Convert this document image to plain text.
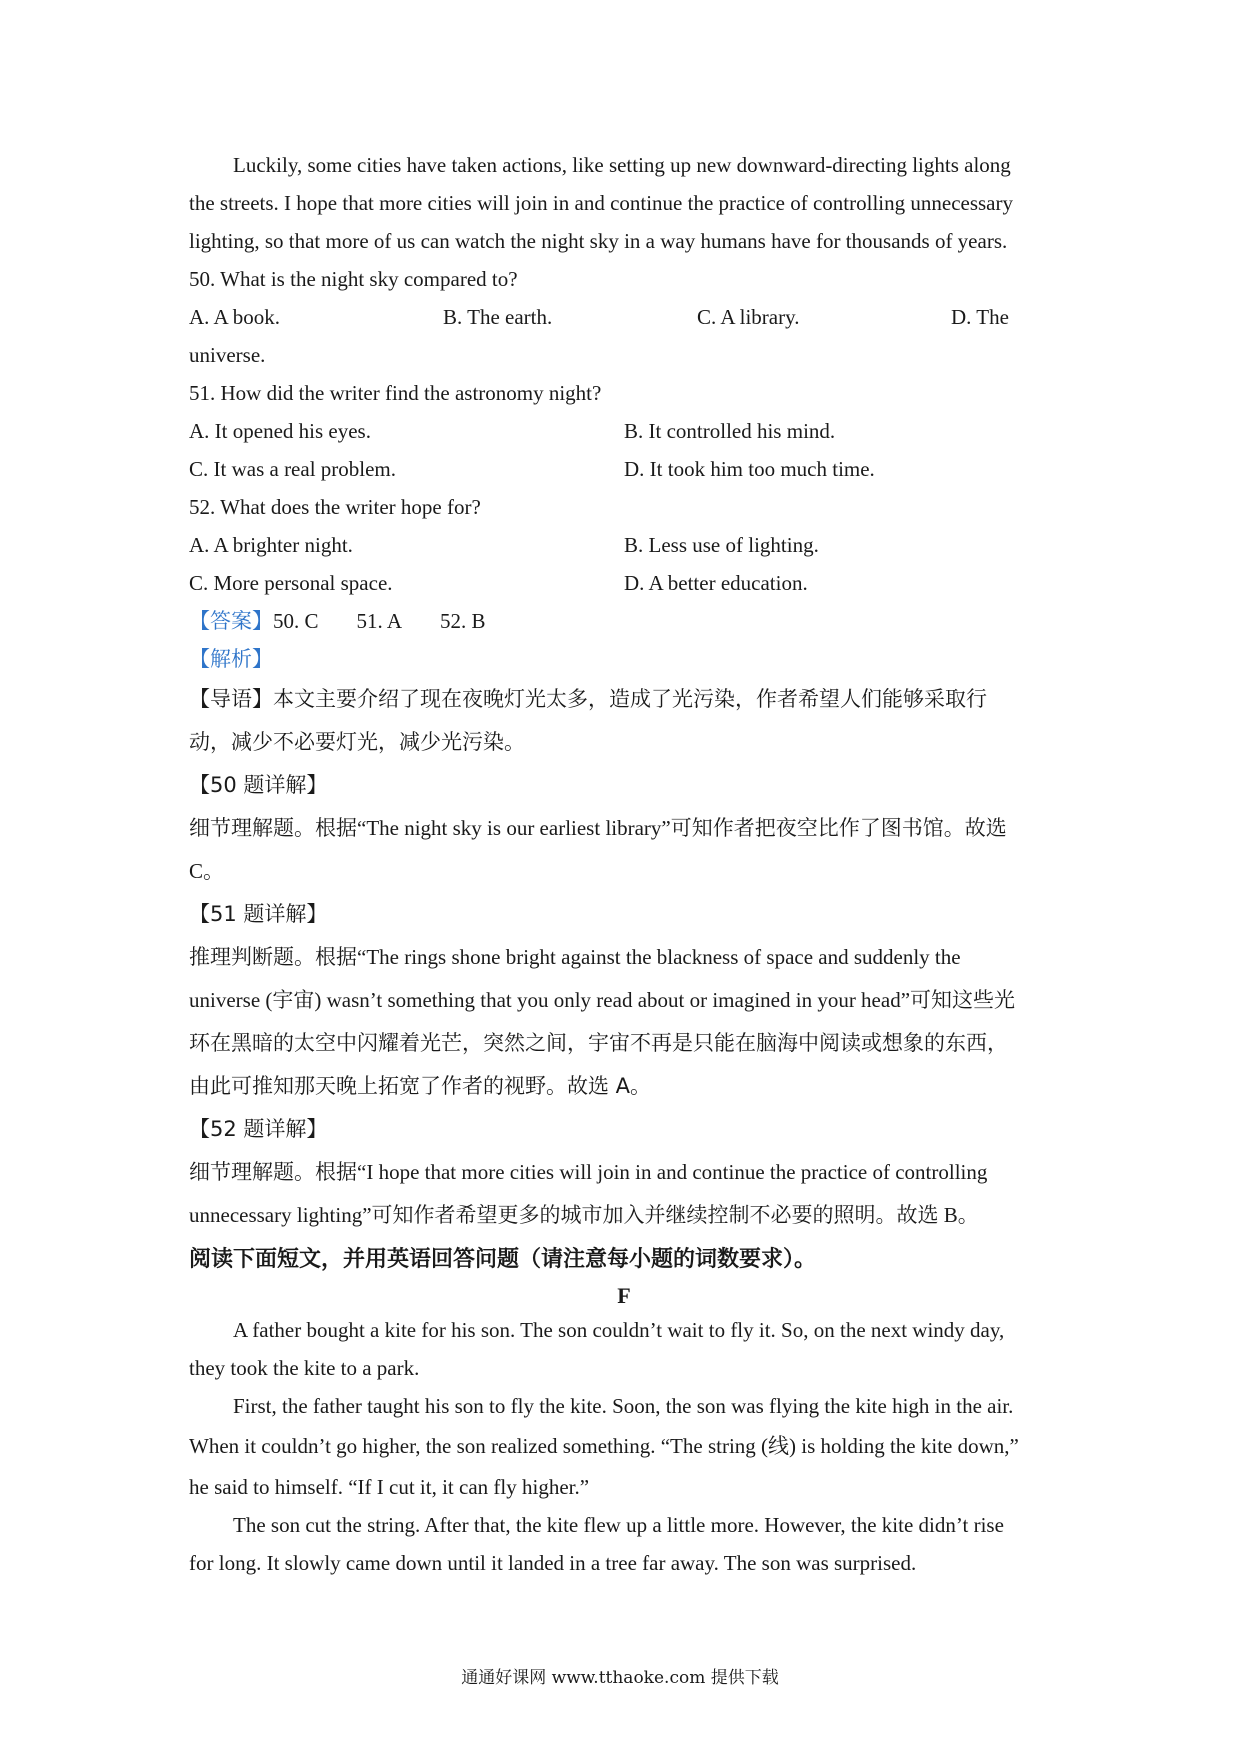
Luckily, some cities have taken actions, like setting up new downward-directing lights along

the streets. I hope that more cities will join in and continue the practice of controlling unnecessary

lighting, so that more of us can watch the night sky in a way humans have for thousands of years.

50. What is the night sky compared to?

A. A book.	B. The earth.	C. A library.	D. The

universe.

51. How did the writer find the astronomy night?

A. It opened his eyes.	B. It controlled his mind.
C. It was a real problem.	D. It took him too much time.

52. What does the writer hope for?

A. A brighter night.	B. Less use of lighting.
C. More personal space.	D. A better education.

【答案】50. C 51. A 52. B

【解析】

【导语】本文主要介绍了现在夜晚灯光太多，造成了光污染，作者希望人们能够采取行

动，减少不必要灯光，减少光污染。

【50 题详解】

细节理解题。根据“The night sky is our earliest library”可知作者把夜空比作了图书馆。故选

C。

【51 题详解】

推理判断题。根据“The rings shone bright against the blackness of space and suddenly the

universe (宇宙) wasn’t something that you only read about or imagined in your head”可知这些光

环在黑暗的太空中闪耀着光芒，突然之间，宇宙不再是只能在脑海中阅读或想象的东西，

由此可推知那天晚上拓宽了作者的视野。故选 A。

【52 题详解】

细节理解题。根据“I hope that more cities will join in and continue the practice of controlling

unnecessary lighting”可知作者希望更多的城市加入并继续控制不必要的照明。故选 B。

阅读下面短文，并用英语回答问题（请注意每小题的词数要求）。

F

A father bought a kite for his son. The son couldn’t wait to fly it. So, on the next windy day,

they took the kite to a park.

First, the father taught his son to fly the kite. Soon, the son was flying the kite high in the air.

When it couldn’t go higher, the son realized something. “The string (线) is holding the kite down,”

he said to himself. “If I cut it, it can fly higher.”

The son cut the string. After that, the kite flew up a little more. However, the kite didn’t rise

for long. It slowly came down until it landed in a tree far away. The son was surprised.

通通好课网 www.tthaoke.com 提供下载
